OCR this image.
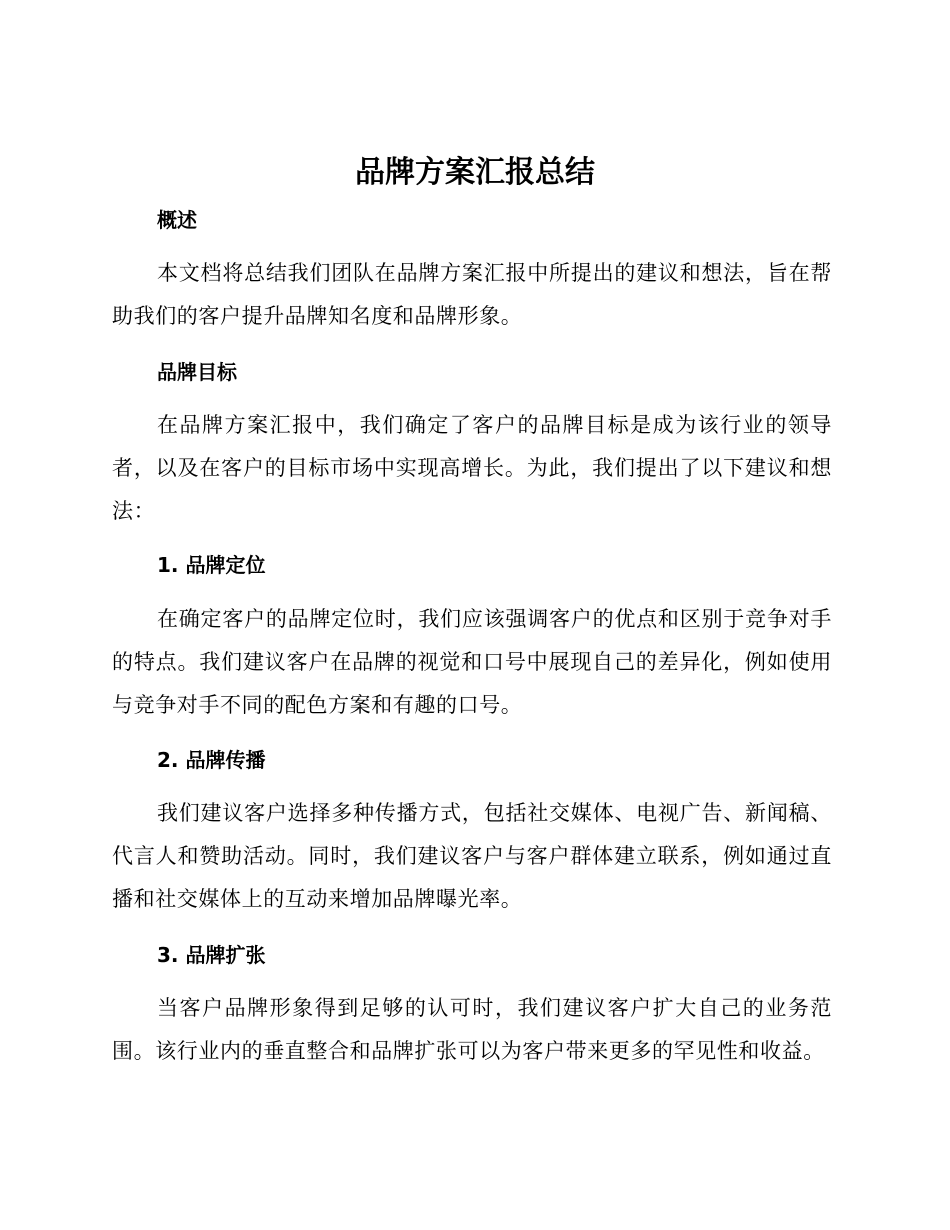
品牌方案汇报总结
概述

本文档将总结我们团队在品牌方案汇报中所提出的建议和想法，旨在帮助我们的客户提升品牌知名度和品牌形象。

品牌目标

在品牌方案汇报中，我们确定了客户的品牌目标是成为该行业的领导者，以及在客户的目标市场中实现高增长。为此，我们提出了以下建议和想法：

1. 品牌定位

在确定客户的品牌定位时，我们应该强调客户的优点和区别于竞争对手的特点。我们建议客户在品牌的视觉和口号中展现自己的差异化，例如使用与竞争对手不同的配色方案和有趣的口号。

2. 品牌传播

我们建议客户选择多种传播方式，包括社交媒体、电视广告、新闻稿、代言人和赞助活动。同时，我们建议客户与客户群体建立联系，例如通过直播和社交媒体上的互动来增加品牌曝光率。

3. 品牌扩张

当客户品牌形象得到足够的认可时，我们建议客户扩大自己的业务范围。该行业内的垂直整合和品牌扩张可以为客户带来更多的罕见性和收益。
